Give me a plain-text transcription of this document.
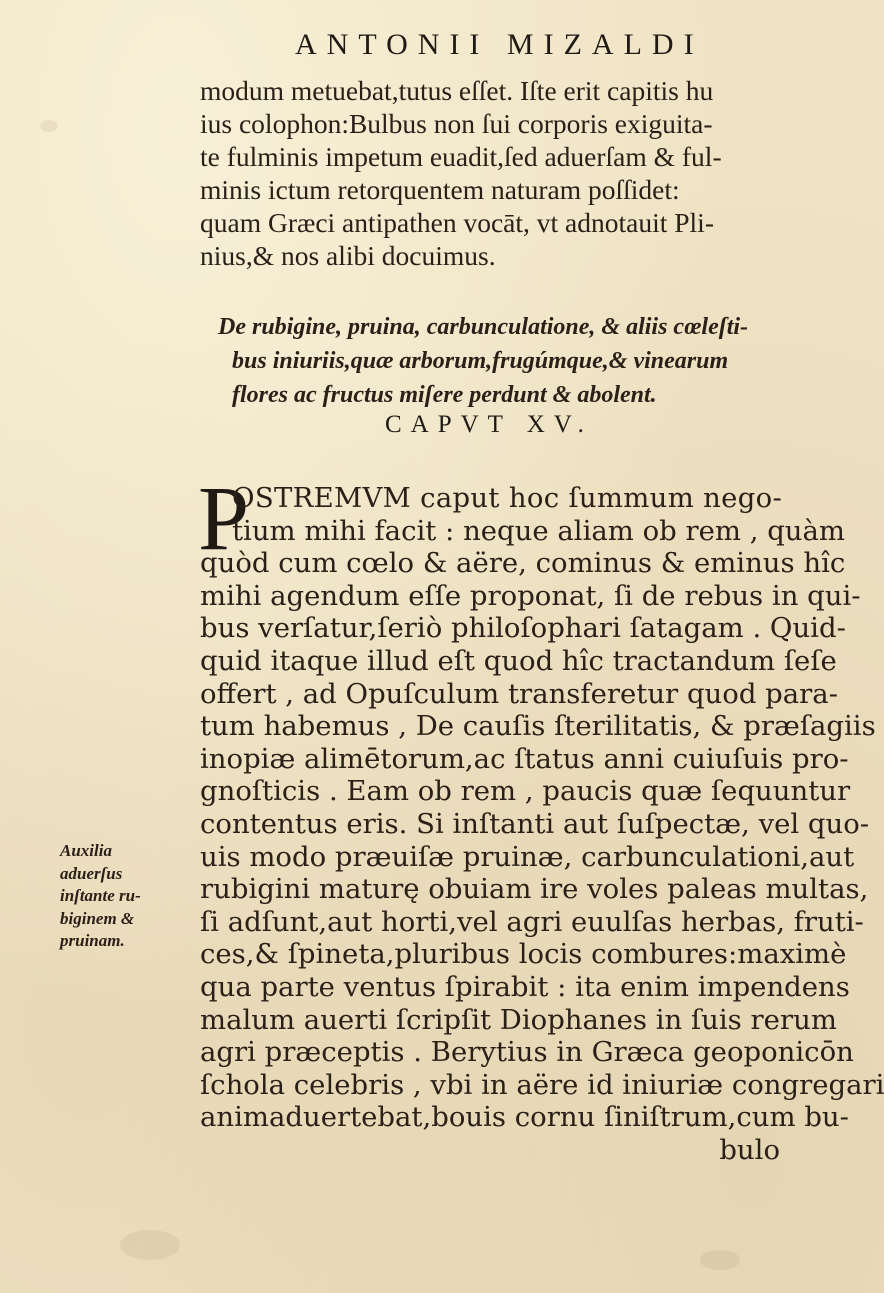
ANTONII MIZALDI
modum metuebat,tutus eſſet. Iſte erit capitis hu
ius colophon:Bulbus non ſui corporis exiguita-
te fulminis impetum euadit,ſed aduerſam & ful-
minis ictum retorquentem naturam poſſidet:
quam Græci antipathen vocāt, vt adnotauit Pli-
nius,& nos alibi docuimus.
De rubigine, pruina, carbunculatione, & aliis cœleſti-
bus iniuriis,quæ arborum,frugúmque,& vinearum
flores ac fructus miſere perdunt & abolent.
CAPVT XV.
P
OSTREMVM caput hoc ſummum nego-
tium mihi facit : neque aliam ob rem , quàm
quòd cum cœlo & aëre, cominus & eminus hîc
mihi agendum eſſe proponat, ſi de rebus in qui-
bus verſatur,ſeriò philoſophari ſatagam . Quid-
quid itaque illud eſt quod hîc tractandum ſeſe
offert , ad Opuſculum transferetur quod para-
tum habemus , De cauſis ſterilitatis, & præſagiis
inopiæ alimētorum,ac ſtatus anni cuiuſuis pro-
gnoſticis . Eam ob rem , paucis quæ ſequuntur
contentus eris. Si inſtanti aut ſuſpectæ, vel quo-
uis modo præuiſæ pruinæ, carbunculationi,aut
rubigini maturę obuiam ire voles paleas multas,
ſi adſunt,aut horti,vel agri euulſas herbas, fruti-
ces,& ſpineta,pluribus locis combures:maximè
qua parte ventus ſpirabit : ita enim impendens
malum auerti ſcripſit Diophanes in ſuis rerum
agri præceptis . Berytius in Græca geoponicōn
ſchola celebris , vbi in aëre id iniuriæ congregari
animaduertebat,bouis cornu ſiniſtrum,cum bu-
bulo
Auxilia
aduerſus
inſtante ru-
biginem &
pruinam.
